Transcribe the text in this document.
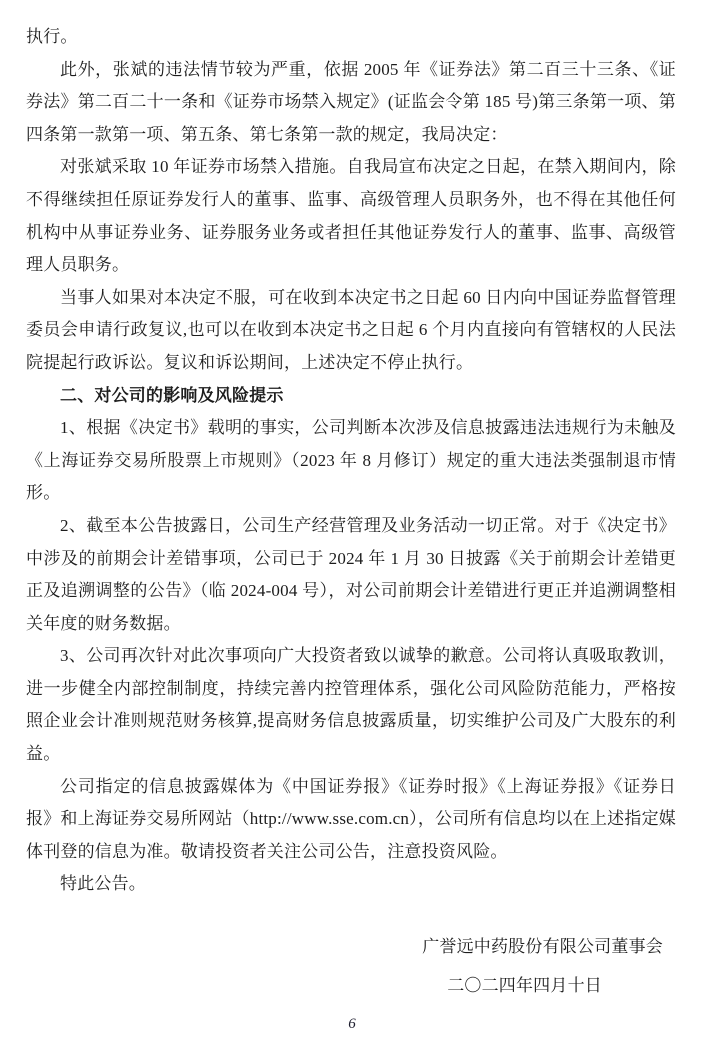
执行。

此外，张斌的违法情节较为严重，依据 2005 年《证券法》第二百三十三条、《证券法》第二百二十一条和《证券市场禁入规定》(证监会令第 185 号)第三条第一项、第四条第一款第一项、第五条、第七条第一款的规定，我局决定：

对张斌采取 10 年证券市场禁入措施。自我局宣布决定之日起，在禁入期间内，除不得继续担任原证券发行人的董事、监事、高级管理人员职务外，也不得在其他任何机构中从事证券业务、证券服务业务或者担任其他证券发行人的董事、监事、高级管理人员职务。

当事人如果对本决定不服，可在收到本决定书之日起 60 日内向中国证券监督管理委员会申请行政复议,也可以在收到本决定书之日起 6 个月内直接向有管辖权的人民法院提起行政诉讼。复议和诉讼期间，上述决定不停止执行。

二、对公司的影响及风险提示

1、根据《决定书》载明的事实，公司判断本次涉及信息披露违法违规行为未触及《上海证券交易所股票上市规则》（2023 年 8 月修订）规定的重大违法类强制退市情形。

2、截至本公告披露日，公司生产经营管理及业务活动一切正常。对于《决定书》中涉及的前期会计差错事项，公司已于 2024 年 1 月 30 日披露《关于前期会计差错更正及追溯调整的公告》（临 2024-004 号），对公司前期会计差错进行更正并追溯调整相关年度的财务数据。

3、公司再次针对此次事项向广大投资者致以诚挚的歉意。公司将认真吸取教训，进一步健全内部控制制度，持续完善内控管理体系，强化公司风险防范能力，严格按照企业会计准则规范财务核算,提高财务信息披露质量，切实维护公司及广大股东的利益。

公司指定的信息披露媒体为《中国证券报》《证券时报》《上海证券报》《证券日报》和上海证券交易所网站（http://www.sse.com.cn），公司所有信息均以在上述指定媒体刊登的信息为准。敬请投资者关注公司公告，注意投资风险。

特此公告。

广誉远中药股份有限公司董事会

二〇二四年四月十日

6
